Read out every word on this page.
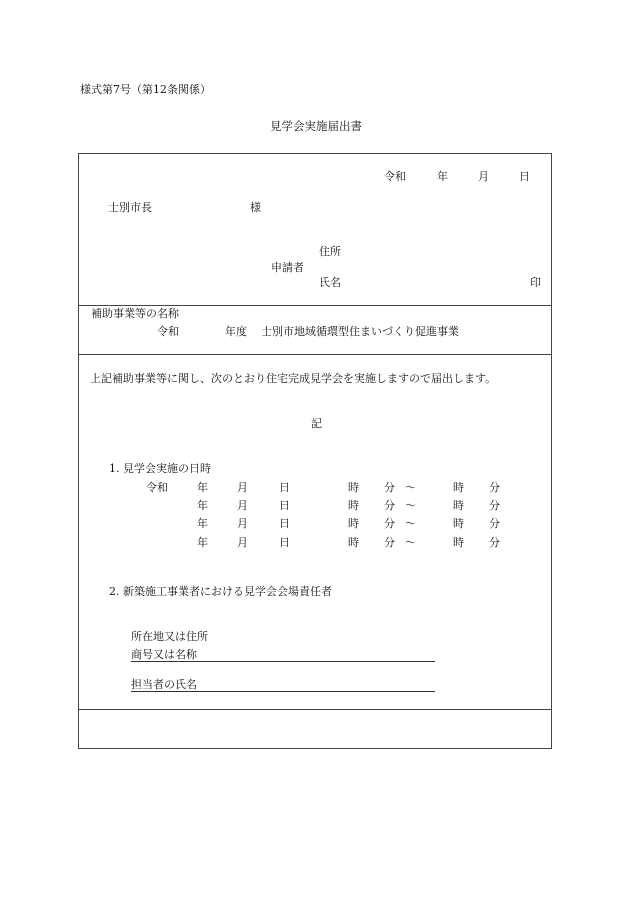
様式第7号（第12条関係）
見学会実施届出書
令和	年	月	日
士別市長	様
住所
申請者
氏名	印
補助事業等の名称
令和	年度 士別市地域循環型住まいづくり促進事業
上記補助事業等に関し、次のとおり住宅完成見学会を実施しますので届出します。
記
1. 見学会実施の日時
令和	年	月	日	時 分 〜	時 分
年	月	日	時 分 〜	時 分
年	月	日	時 分 〜	時 分
年	月	日	時 分 〜	時 分
2. 新築施工事業者における見学会会場責任者
所在地又は住所
商号又は名称
担当者の氏名
